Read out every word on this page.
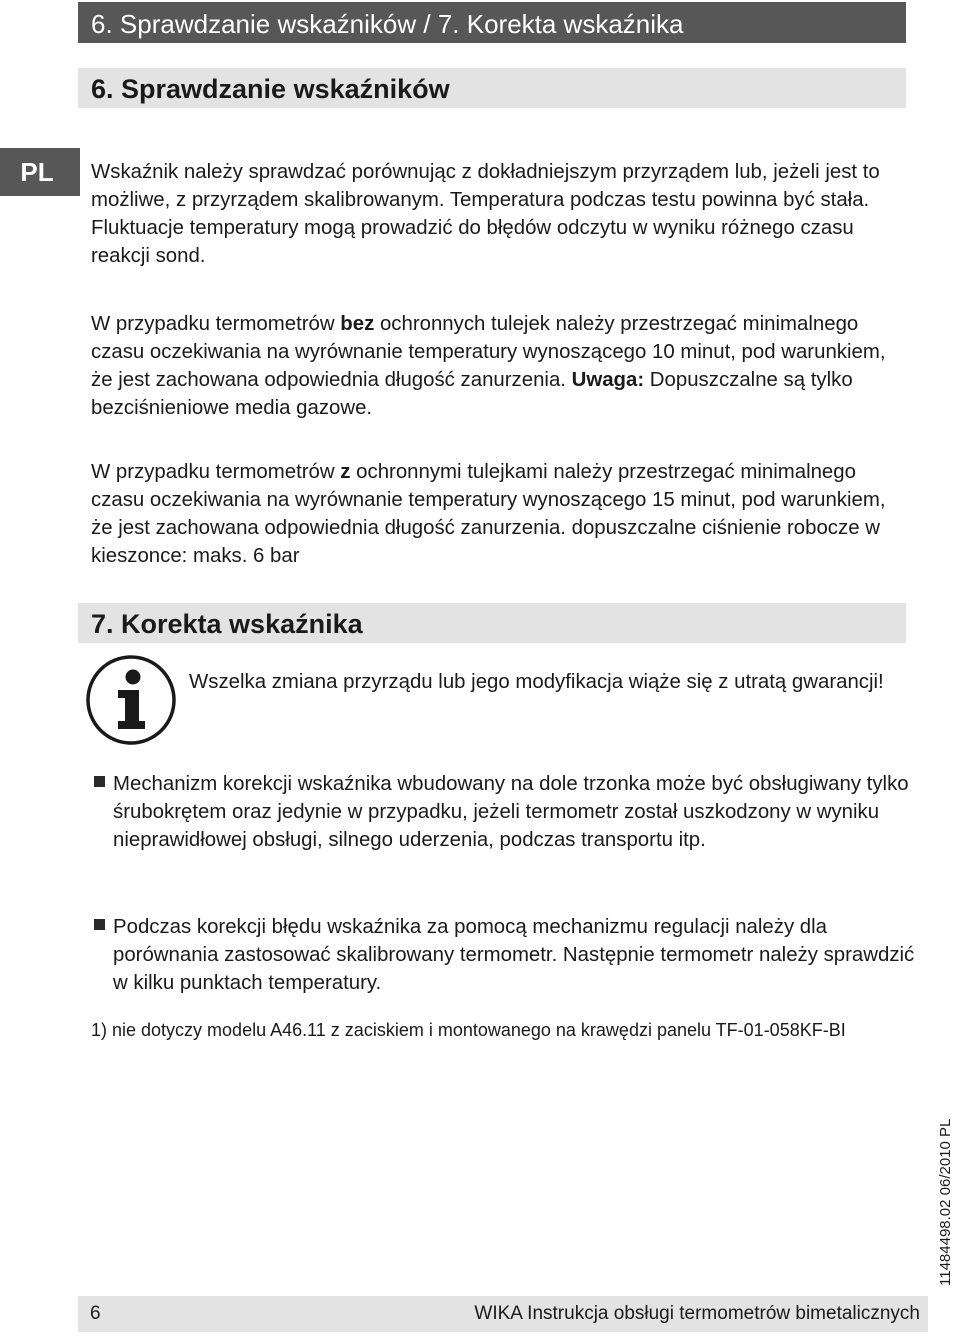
6. Sprawdzanie wskaźników / 7. Korekta wskaźnika
6. Sprawdzanie wskaźników
PL	Wskaźnik należy sprawdzać porównując z dokładniejszym przyrządem lub, jeżeli jest to możliwe, z przyrządem skalibrowanym. Temperatura podczas testu powinna być stała. Fluktuacje temperatury mogą prowadzić do błędów odczytu w wyniku różnego czasu reakcji sond.

W przypadku termometrów bez ochronnych tulejek należy przestrzegać minimalnego czasu oczekiwania na wyrównanie temperatury wynoszącego 10 minut, pod warunkiem, że jest zachowana odpowiednia długość zanurzenia. Uwaga: Dopuszczalne są tylko bezciśnieniowe media gazowe.

W przypadku termometrów z ochronnymi tulejkami należy przestrzegać minimalnego czasu oczekiwania na wyrównanie temperatury wynoszącego 15 minut, pod warunkiem, że jest zachowana odpowiednia długość zanurzenia. dopuszczalne ciśnienie robocze w kieszonce: maks. 6 bar

7. Korekta wskaźnika

Wszelka zmiana przyrządu lub jego modyfikacja wiąże się z utratą gwarancji!

Mechanizm korekcji wskaźnika wbudowany na dole trzonka może być obsługiwany tylko śrubokrętem oraz jedynie w przypadku, jeżeli termometr został uszkodzony w wyniku nieprawidłowej obsługi, silnego uderzenia, podczas transportu itp.

Podczas korekcji błędu wskaźnika za pomocą mechanizmu regulacji należy dla porównania zastosować skalibrowany termometr. Następnie termometr należy sprawdzić w kilku punktach temperatury.

1) nie dotyczy modelu A46.11 z zaciskiem i montowanego na krawędzi panelu TF-01-058KF-BI

11484498.02 06/2010 PL
6	WIKA Instrukcja obsługi termometrów bimetalicznych
